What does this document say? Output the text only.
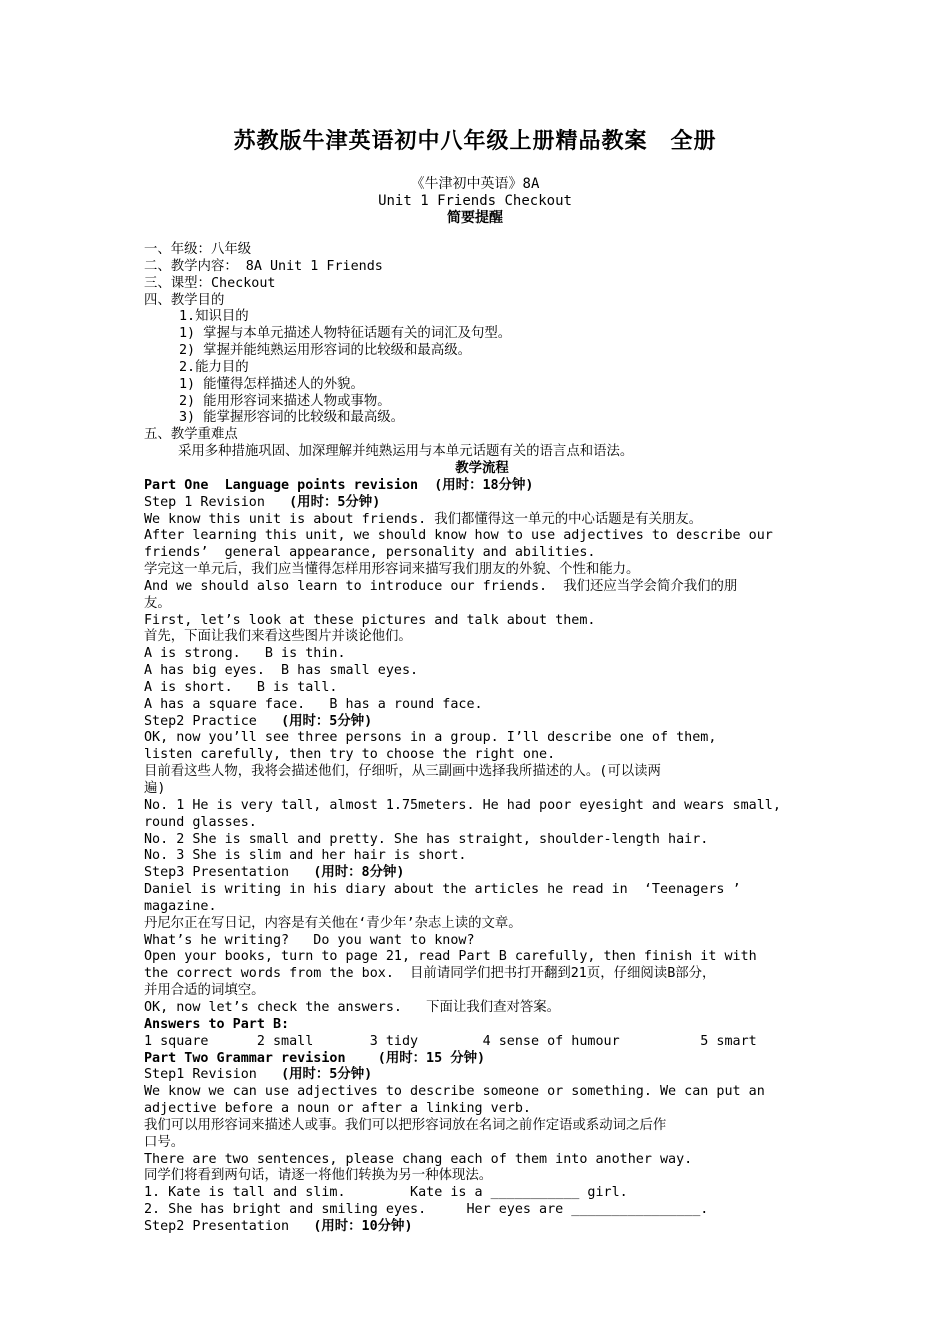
苏教版牛津英语初中八年级上册精品教案　全册
《牛津初中英语》8A
Unit 1 Friends Checkout
简要提醒
一、年级：八年级
二、教学内容： 8A Unit 1 Friends
三、课型：Checkout
四、教学目的
1.知识目的
1) 掌握与本单元描述人物特征话题有关的词汇及句型。
2) 掌握并能纯熟运用形容词的比较级和最高级。
2.能力目的
1) 能懂得怎样描述人的外貌。
2) 能用形容词来描述人物或事物。
3) 能掌握形容词的比较级和最高级。
五、教学重难点
采用多种措施巩固、加深理解并纯熟运用与本单元话题有关的语言点和语法。
教学流程
Part One  Language points revision  (用时：18分钟)
Step 1 Revision   (用时：5分钟)
We know this unit is about friends. 我们都懂得这一单元的中心话题是有关朋友。
After learning this unit, we should know how to use adjectives to describe our
friends’  general appearance, personality and abilities.
学完这一单元后，我们应当懂得怎样用形容词来描写我们朋友的外貌、个性和能力。
And we should also learn to introduce our friends.  我们还应当学会简介我们的朋
友。
First, let’s look at these pictures and talk about them.
首先，下面让我们来看这些图片并谈论他们。
A is strong.   B is thin.
A has big eyes.  B has small eyes.
A is short.   B is tall.
A has a square face.   B has a round face.
Step2 Practice   (用时：5分钟)
OK, now you’ll see three persons in a group. I’ll describe one of them,
listen carefully, then try to choose the right one.
目前看这些人物，我将会描述他们，仔细听，从三副画中选择我所描述的人。(可以读两
遍)
No. 1 He is very tall, almost 1.75meters. He had poor eyesight and wears small,
round glasses.
No. 2 She is small and pretty. She has straight, shoulder-length hair.
No. 3 She is slim and her hair is short.
Step3 Presentation   (用时：8分钟)
Daniel is writing in his diary about the articles he read in  ‘Teenagers ’
magazine.
丹尼尔正在写日记，内容是有关他在‘青少年’杂志上读的文章。
What’s he writing?   Do you want to know?
Open your books, turn to page 21, read Part B carefully, then finish it with
the correct words from the box.  目前请同学们把书打开翻到21页，仔细阅读B部分，
并用合适的词填空。
OK, now let’s check the answers.   下面让我们查对答案。
Answers to Part B:
1 square      2 small       3 tidy        4 sense of humour          5 smart
Part Two Grammar revision    (用时：15 分钟)
Step1 Revision   (用时：5分钟)
We know we can use adjectives to describe someone or something. We can put an
adjective before a noun or after a linking verb.
我们可以用形容词来描述人或事。我们可以把形容词放在名词之前作定语或系动词之后作
口号。
There are two sentences, please chang each of them into another way.
同学们将看到两句话，请逐一将他们转换为另一种体现法。
1. Kate is tall and slim.        Kate is a ___________ girl.
2. She has bright and smiling eyes.     Her eyes are ________________.
Step2 Presentation   (用时：10分钟)
